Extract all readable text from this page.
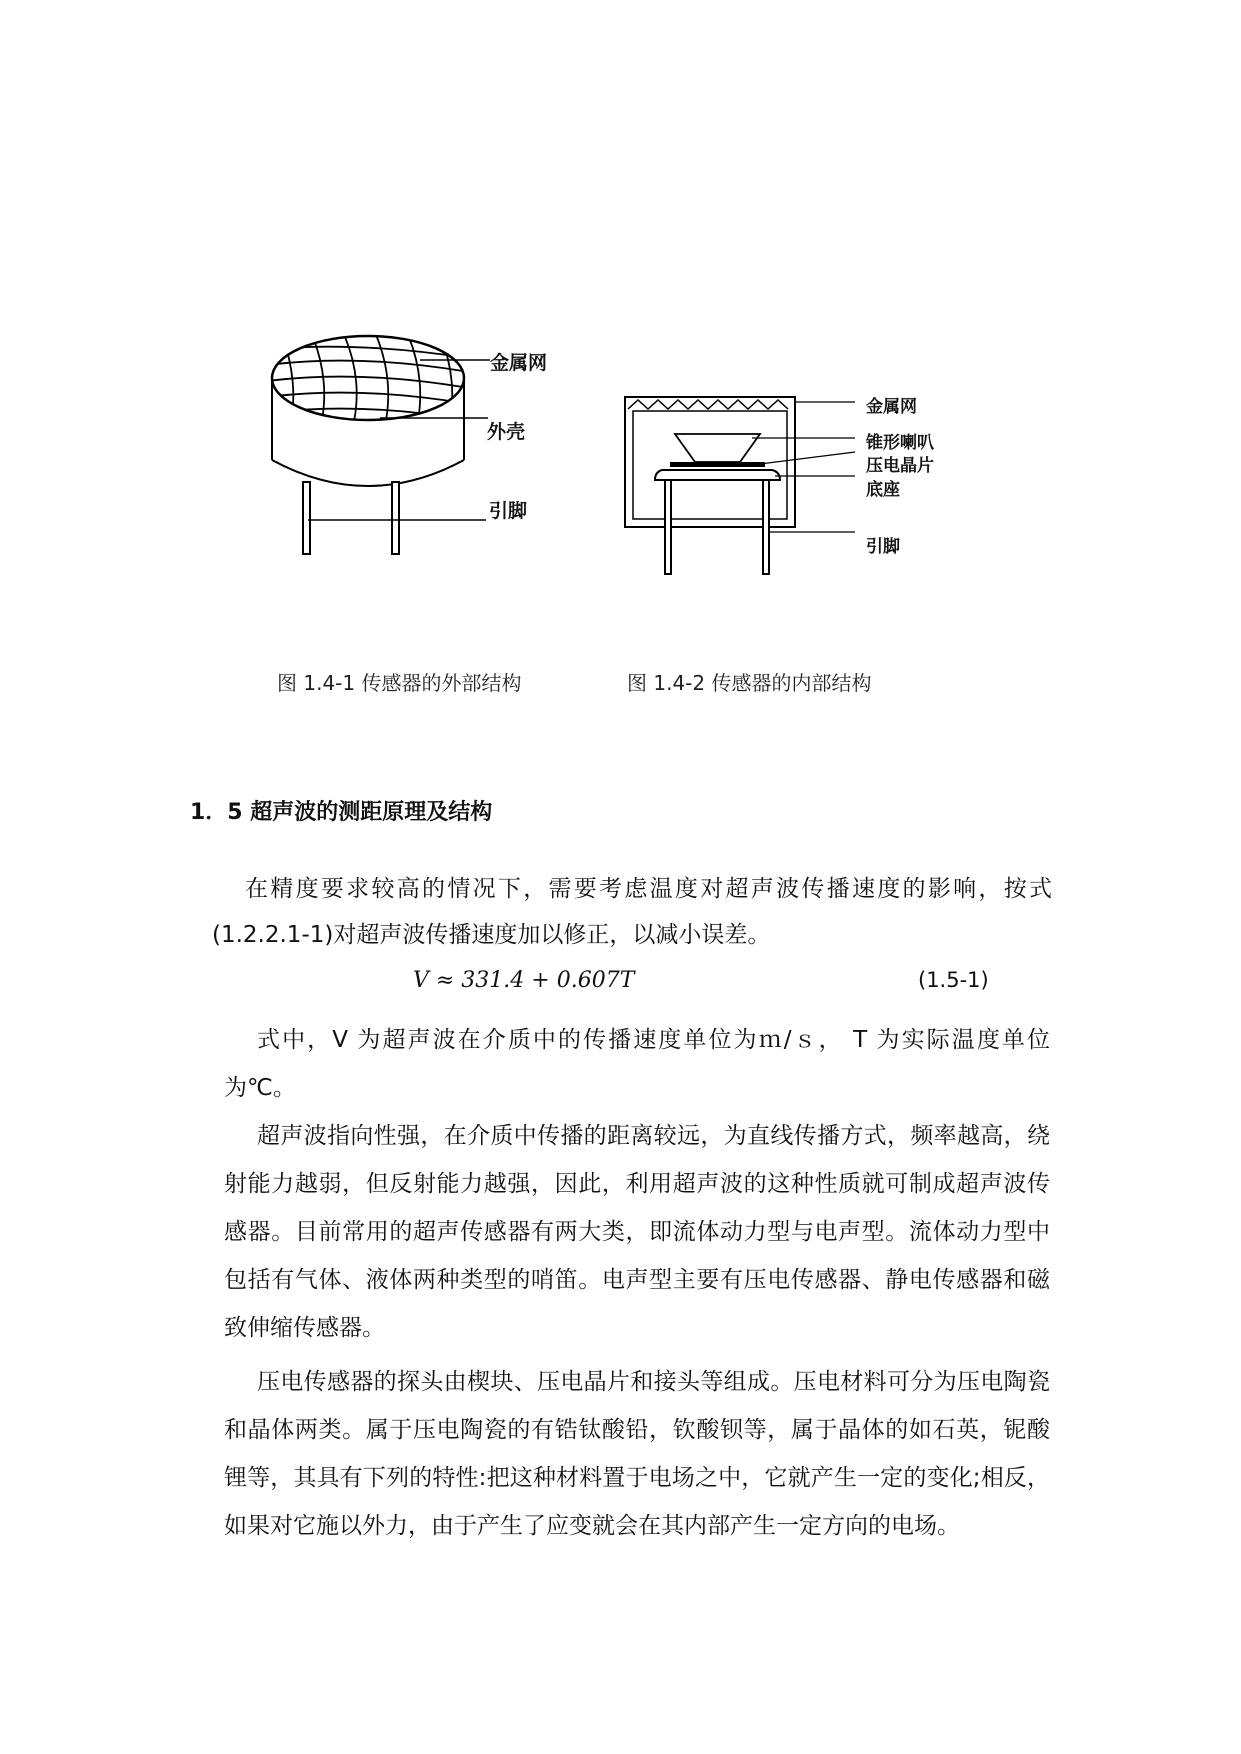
金属网
外壳
引脚
金属网
锥形喇叭
压电晶片
底座
引脚
图 1.4-1 传感器的外部结构	图 1.4-2 传感器的内部结构
1．5 超声波的测距原理及结构

在精度要求较高的情况下，需要考虑温度对超声波传播速度的影响，按式(1.2.2.1-1)对超声波传播速度加以修正，以减小误差。

V ≈ 331.4 + 0.607T	(1.5-1)

式中，V 为超声波在介质中的传播速度单位为ｍ/ｓ， T 为实际温度单位为℃。

超声波指向性强，在介质中传播的距离较远，为直线传播方式，频率越高，绕射能力越弱，但反射能力越强，因此，利用超声波的这种性质就可制成超声波传感器。目前常用的超声传感器有两大类，即流体动力型与电声型。流体动力型中包括有气体、液体两种类型的哨笛。电声型主要有压电传感器、静电传感器和磁致伸缩传感器。

压电传感器的探头由楔块、压电晶片和接头等组成。压电材料可分为压电陶瓷和晶体两类。属于压电陶瓷的有锆钛酸铅，钦酸钡等，属于晶体的如石英，铌酸锂等，其具有下列的特性:把这种材料置于电场之中，它就产生一定的变化;相反，如果对它施以外力，由于产生了应变就会在其内部产生一定方向的电场。
